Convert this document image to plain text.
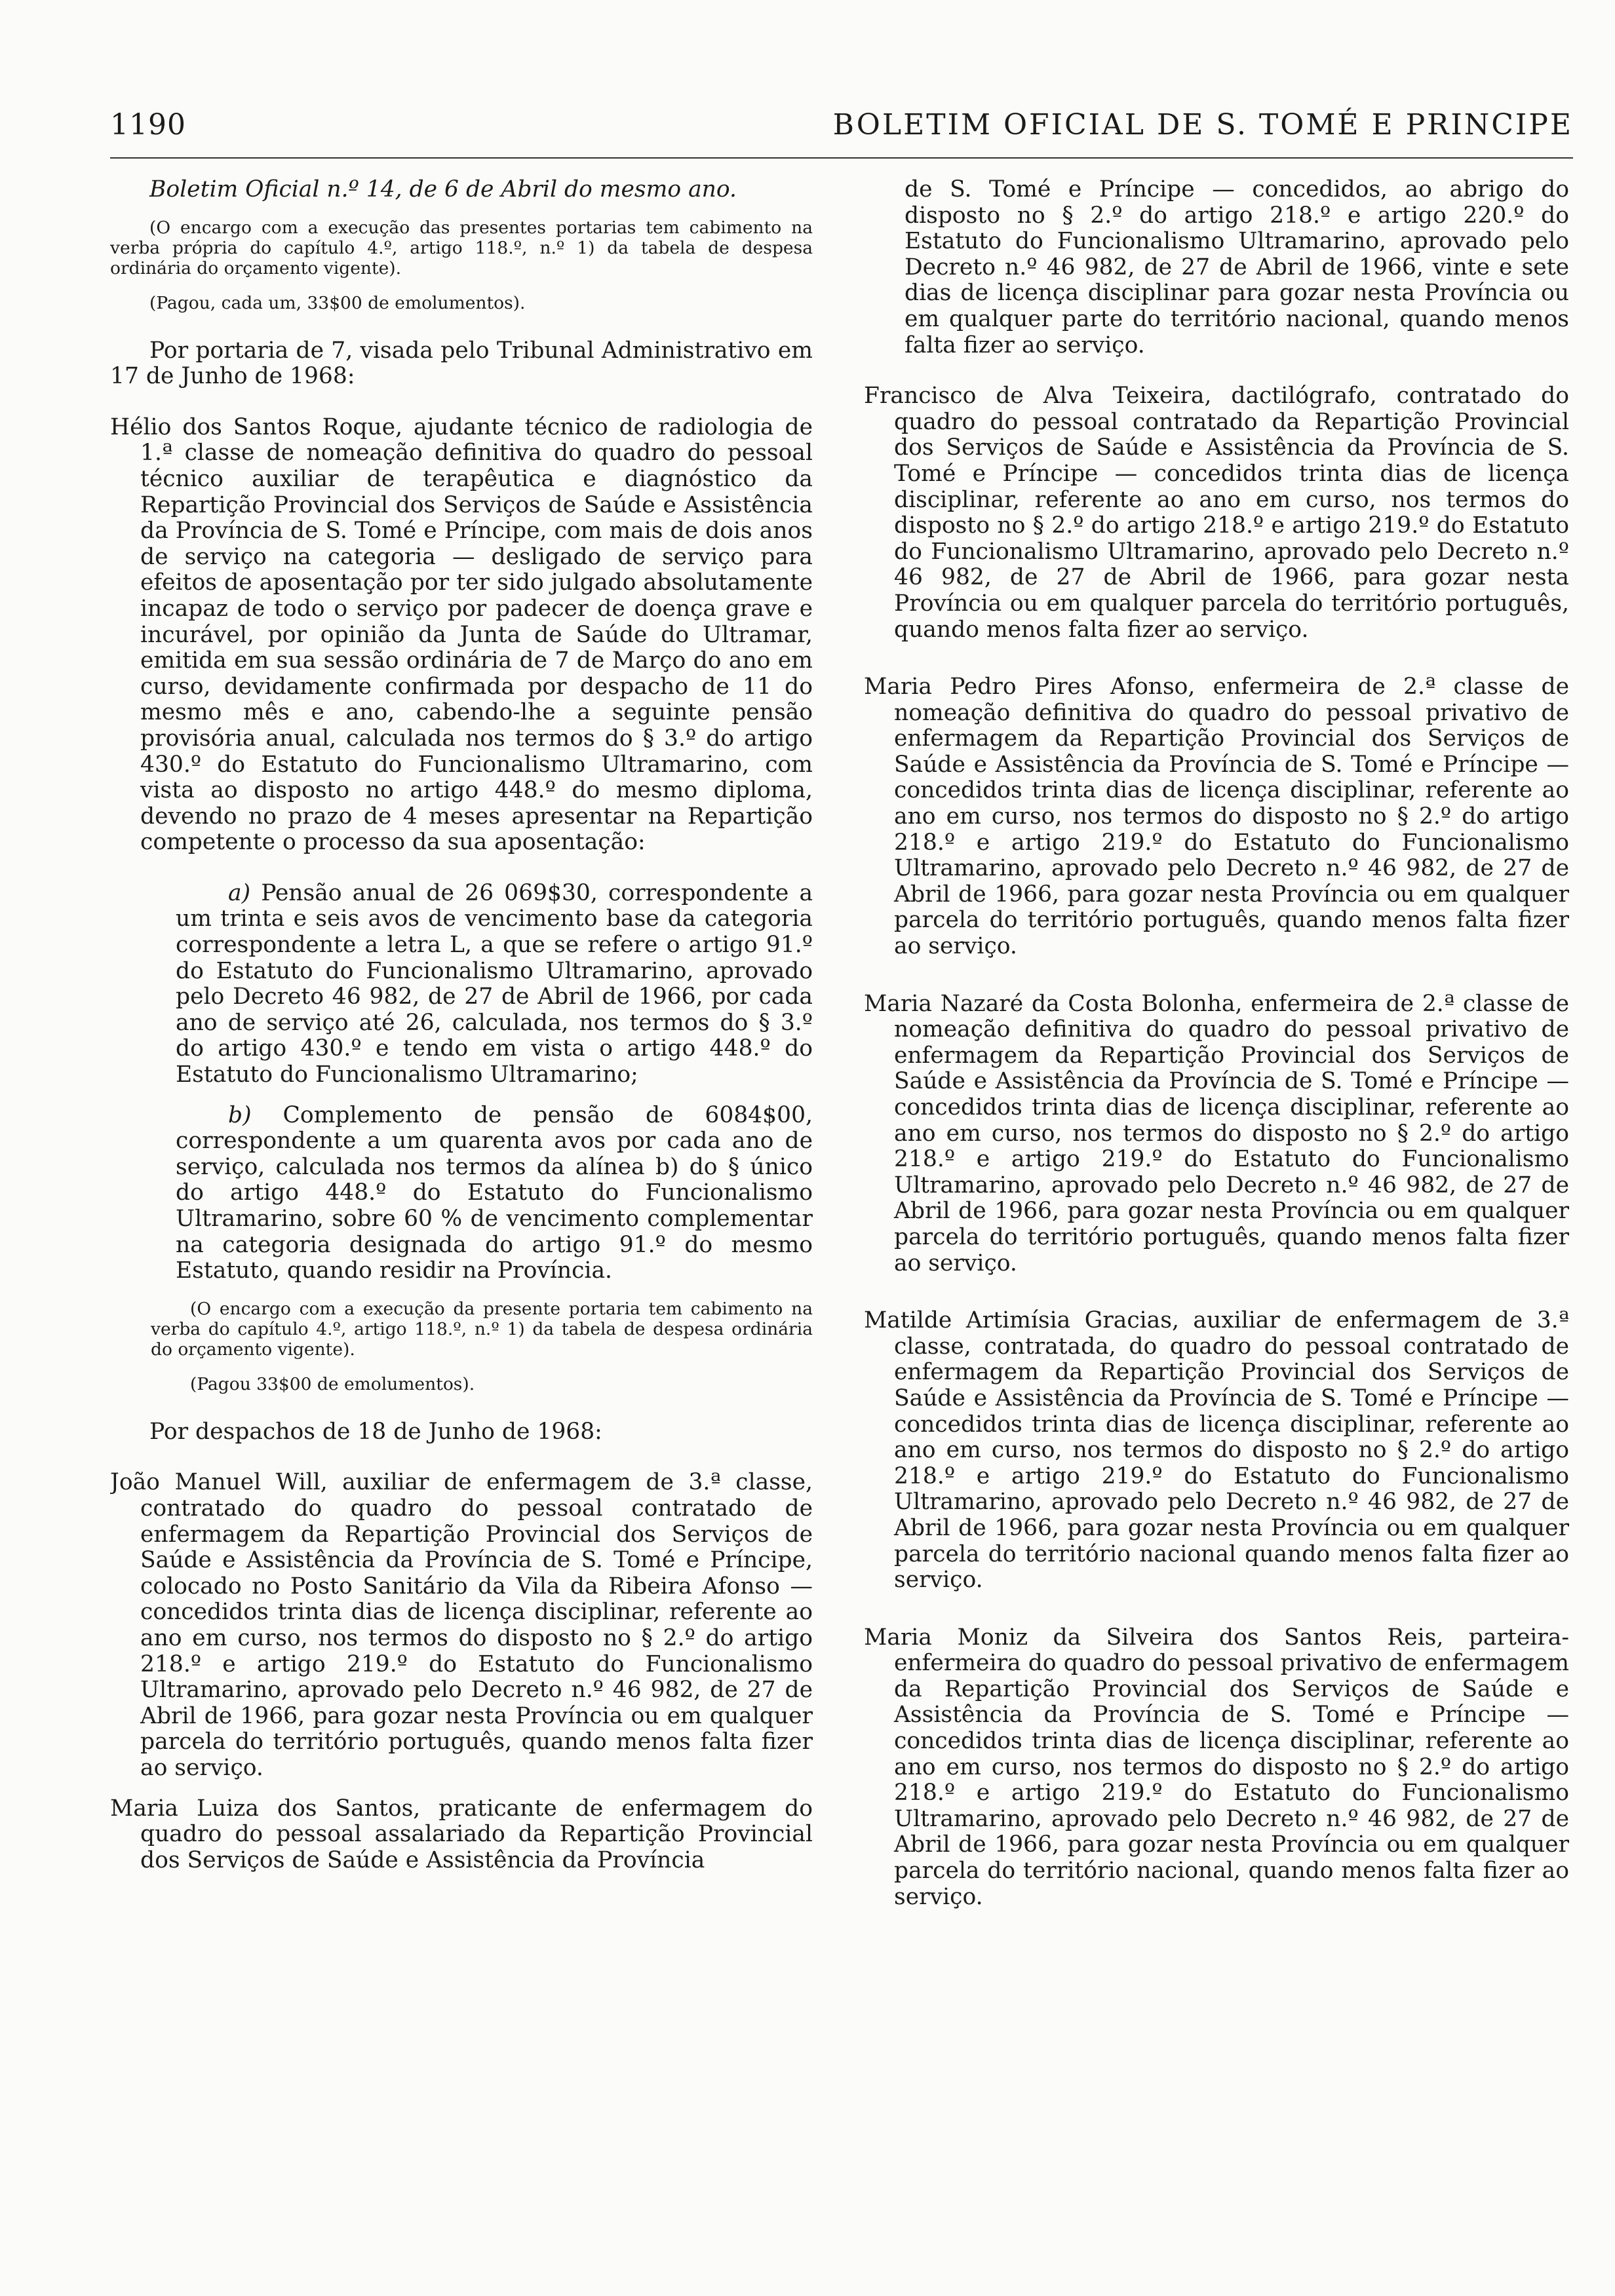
1190	BOLETIM OFICIAL DE S. TOMÉ E PRINCIPE

Boletim Oficial n.º 14, de 6 de Abril do mesmo ano.

(O encargo com a execução das presentes portarias tem cabimento na verba própria do capítulo 4.º, artigo 118.º, n.º 1) da tabela de despesa ordinária do orçamento vigente).

(Pagou, cada um, 33$00 de emolumentos).

Por portaria de 7, visada pelo Tribunal Administrativo em 17 de Junho de 1968:

Hélio dos Santos Roque, ajudante técnico de radiologia de 1.ª classe de nomeação definitiva do quadro do pessoal técnico auxiliar de terapêutica e diagnóstico da Repartição Provincial dos Serviços de Saúde e Assistência da Província de S. Tomé e Príncipe, com mais de dois anos de serviço na categoria — desligado de serviço para efeitos de aposentação por ter sido julgado absolutamente incapaz de todo o serviço por padecer de doença grave e incurável, por opinião da Junta de Saúde do Ultramar, emitida em sua sessão ordinária de 7 de Março do ano em curso, devidamente confirmada por despacho de 11 do mesmo mês e ano, cabendo-lhe a seguinte pensão provisória anual, calculada nos termos do § 3.º do artigo 430.º do Estatuto do Funcionalismo Ultramarino, com vista ao disposto no artigo 448.º do mesmo diploma, devendo no prazo de 4 meses apresentar na Repartição competente o processo da sua aposentação:

a) Pensão anual de 26 069$30, correspondente a um trinta e seis avos de vencimento base da categoria correspondente a letra L, a que se refere o artigo 91.º do Estatuto do Funcionalismo Ultramarino, aprovado pelo Decreto 46 982, de 27 de Abril de 1966, por cada ano de serviço até 26, calculada, nos termos do § 3.º do artigo 430.º e tendo em vista o artigo 448.º do Estatuto do Funcionalismo Ultramarino;

b) Complemento de pensão de 6084$00, correspondente a um quarenta avos por cada ano de serviço, calculada nos termos da alínea b) do § único do artigo 448.º do Estatuto do Funcionalismo Ultramarino, sobre 60 % de vencimento complementar na categoria designada do artigo 91.º do mesmo Estatuto, quando residir na Província.

(O encargo com a execução da presente portaria tem cabimento na verba do capítulo 4.º, artigo 118.º, n.º 1) da tabela de despesa ordinária do orçamento vigente).

(Pagou 33$00 de emolumentos).

Por despachos de 18 de Junho de 1968:

João Manuel Will, auxiliar de enfermagem de 3.ª classe, contratado do quadro do pessoal contratado de enfermagem da Repartição Provincial dos Serviços de Saúde e Assistência da Província de S. Tomé e Príncipe, colocado no Posto Sanitário da Vila da Ribeira Afonso — concedidos trinta dias de licença disciplinar, referente ao ano em curso, nos termos do disposto no § 2.º do artigo 218.º e artigo 219.º do Estatuto do Funcionalismo Ultramarino, aprovado pelo Decreto n.º 46 982, de 27 de Abril de 1966, para gozar nesta Província ou em qualquer parcela do território português, quando menos falta fizer ao serviço.

Maria Luiza dos Santos, praticante de enfermagem do quadro do pessoal assalariado da Repartição Provincial dos Serviços de Saúde e Assistência da Província

de S. Tomé e Príncipe — concedidos, ao abrigo do disposto no § 2.º do artigo 218.º e artigo 220.º do Estatuto do Funcionalismo Ultramarino, aprovado pelo Decreto n.º 46 982, de 27 de Abril de 1966, vinte e sete dias de licença disciplinar para gozar nesta Província ou em qualquer parte do território nacional, quando menos falta fizer ao serviço.

Francisco de Alva Teixeira, dactilógrafo, contratado do quadro do pessoal contratado da Repartição Provincial dos Serviços de Saúde e Assistência da Província de S. Tomé e Príncipe — concedidos trinta dias de licença disciplinar, referente ao ano em curso, nos termos do disposto no § 2.º do artigo 218.º e artigo 219.º do Estatuto do Funcionalismo Ultramarino, aprovado pelo Decreto n.º 46 982, de 27 de Abril de 1966, para gozar nesta Província ou em qualquer parcela do território português, quando menos falta fizer ao serviço.

Maria Pedro Pires Afonso, enfermeira de 2.ª classe de nomeação definitiva do quadro do pessoal privativo de enfermagem da Repartição Provincial dos Serviços de Saúde e Assistência da Província de S. Tomé e Príncipe — concedidos trinta dias de licença disciplinar, referente ao ano em curso, nos termos do disposto no § 2.º do artigo 218.º e artigo 219.º do Estatuto do Funcionalismo Ultramarino, aprovado pelo Decreto n.º 46 982, de 27 de Abril de 1966, para gozar nesta Província ou em qualquer parcela do território português, quando menos falta fizer ao serviço.

Maria Nazaré da Costa Bolonha, enfermeira de 2.ª classe de nomeação definitiva do quadro do pessoal privativo de enfermagem da Repartição Provincial dos Serviços de Saúde e Assistência da Província de S. Tomé e Príncipe — concedidos trinta dias de licença disciplinar, referente ao ano em curso, nos termos do disposto no § 2.º do artigo 218.º e artigo 219.º do Estatuto do Funcionalismo Ultramarino, aprovado pelo Decreto n.º 46 982, de 27 de Abril de 1966, para gozar nesta Província ou em qualquer parcela do território português, quando menos falta fizer ao serviço.

Matilde Artimísia Gracias, auxiliar de enfermagem de 3.ª classe, contratada, do quadro do pessoal contratado de enfermagem da Repartição Provincial dos Serviços de Saúde e Assistência da Província de S. Tomé e Príncipe — concedidos trinta dias de licença disciplinar, referente ao ano em curso, nos termos do disposto no § 2.º do artigo 218.º e artigo 219.º do Estatuto do Funcionalismo Ultramarino, aprovado pelo Decreto n.º 46 982, de 27 de Abril de 1966, para gozar nesta Província ou em qualquer parcela do território nacional quando menos falta fizer ao serviço.

Maria Moniz da Silveira dos Santos Reis, parteira-enfermeira do quadro do pessoal privativo de enfermagem da Repartição Provincial dos Serviços de Saúde e Assistência da Província de S. Tomé e Príncipe — concedidos trinta dias de licença disciplinar, referente ao ano em curso, nos termos do disposto no § 2.º do artigo 218.º e artigo 219.º do Estatuto do Funcionalismo Ultramarino, aprovado pelo Decreto n.º 46 982, de 27 de Abril de 1966, para gozar nesta Província ou em qualquer parcela do território nacional, quando menos falta fizer ao serviço.
